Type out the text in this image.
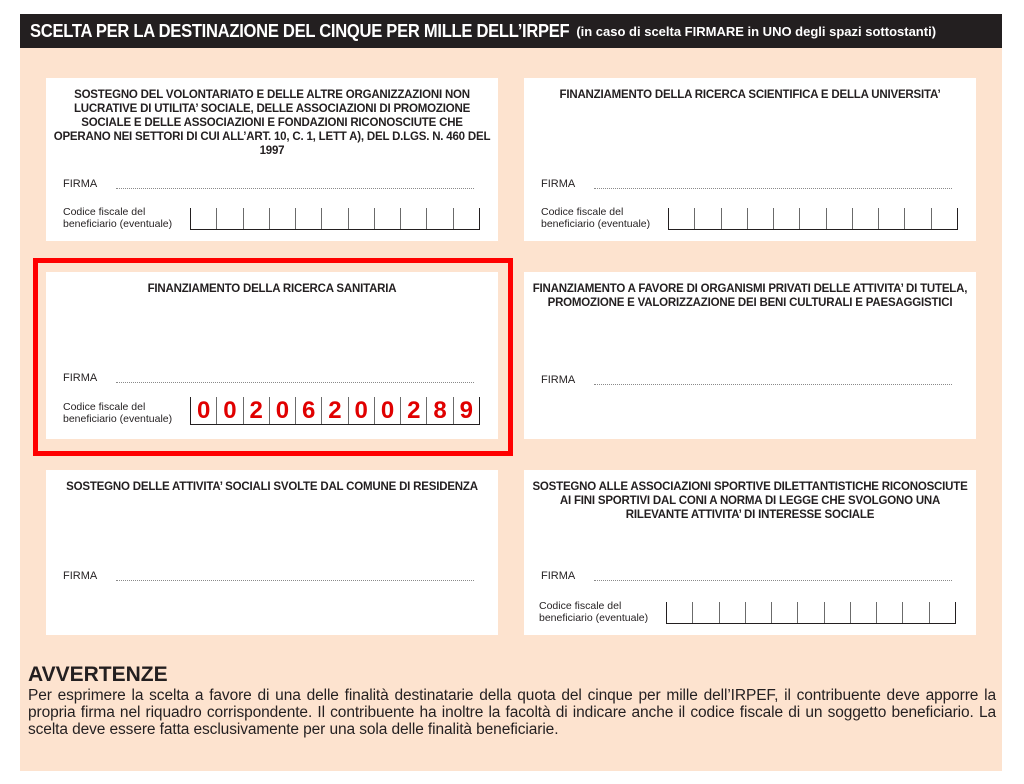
SCELTA PER LA DESTINAZIONE DEL CINQUE PER MILLE DELL’IRPEF (in caso di scelta FIRMARE in UNO degli spazi sottostanti)
SOSTEGNO DEL VOLONTARIATO E DELLE ALTRE ORGANIZZAZIONI NON LUCRATIVE DI UTILITA’ SOCIALE, DELLE ASSOCIAZIONI DI PROMOZIONE SOCIALE E DELLE ASSOCIAZIONI E FONDAZIONI RICONOSCIUTE CHE OPERANO NEI SETTORI DI CUI ALL’ART. 10, C. 1, LETT A), DEL D.LGS. N. 460 DEL 1997
FIRMA
Codice fiscale del
beneficiario (eventuale)
FINANZIAMENTO DELLA RICERCA SCIENTIFICA E DELLA UNIVERSITA’
FIRMA
Codice fiscale del
beneficiario (eventuale)
FINANZIAMENTO DELLA RICERCA SANITARIA
FIRMA
Codice fiscale del
beneficiario (eventuale) 0 0 2 0 6 2 0 0 2 8 9
FINANZIAMENTO A FAVORE DI ORGANISMI PRIVATI DELLE ATTIVITA’ DI TUTELA, PROMOZIONE E VALORIZZAZIONE DEI BENI CULTURALI E PAESAGGISTICI
FIRMA
SOSTEGNO DELLE ATTIVITA’ SOCIALI SVOLTE DAL COMUNE DI RESIDENZA
FIRMA
SOSTEGNO ALLE ASSOCIAZIONI SPORTIVE DILETTANTISTICHE RICONOSCIUTE AI FINI SPORTIVI DAL CONI A NORMA DI LEGGE CHE SVOLGONO UNA RILEVANTE ATTIVITA’ DI INTERESSE SOCIALE
FIRMA
Codice fiscale del
beneficiario (eventuale)
AVVERTENZE
Per esprimere la scelta a favore di una delle finalità destinatarie della quota del cinque per mille dell’IRPEF, il contribuente deve apporre la propria firma nel riquadro corrispondente. Il contribuente ha inoltre la facoltà di indicare anche il codice fiscale di un soggetto beneficiario. La scelta deve essere fatta esclusivamente per una sola delle finalità beneficiarie.
